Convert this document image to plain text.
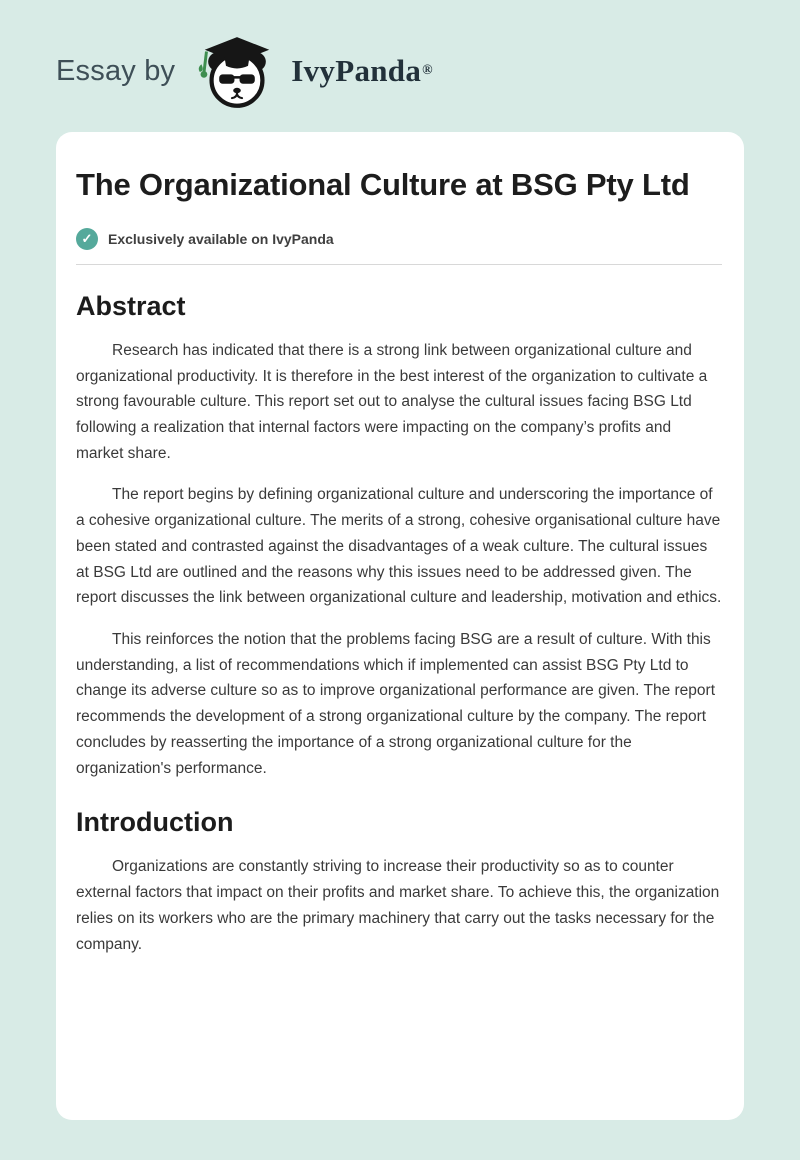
Essay by	IvyPanda ®
The Organizational Culture at BSG Pty Ltd
✓	Exclusively available on IvyPanda
Abstract

Research has indicated that there is a strong link between organizational culture and organizational productivity. It is therefore in the best interest of the organization to cultivate a strong favourable culture. This report set out to analyse the cultural issues facing BSG Ltd following a realization that internal factors were impacting on the company’s profits and market share.

The report begins by defining organizational culture and underscoring the importance of a cohesive organizational culture. The merits of a strong, cohesive organisational culture have been stated and contrasted against the disadvantages of a weak culture. The cultural issues at BSG Ltd are outlined and the reasons why this issues need to be addressed given. The report discusses the link between organizational culture and leadership, motivation and ethics.

This reinforces the notion that the problems facing BSG are a result of culture. With this understanding, a list of recommendations which if implemented can assist BSG Pty Ltd to change its adverse culture so as to improve organizational performance are given. The report recommends the development of a strong organizational culture by the company. The report concludes by reasserting the importance of a strong organizational culture for the organization's performance.

Introduction

Organizations are constantly striving to increase their productivity so as to counter external factors that impact on their profits and market share. To achieve this, the organization relies on its workers who are the primary machinery that carry out the tasks necessary for the company.
